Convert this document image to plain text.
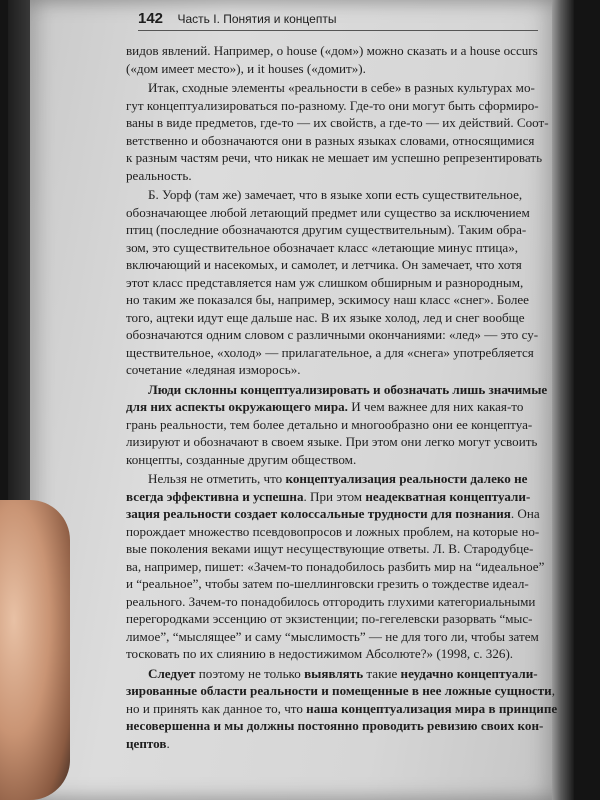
142 Часть I. Понятия и концепты
видов явлений. Например, о house («дом») можно сказать и a house occurs
(«дом имеет место»), и it houses («домит»).
Итак, сходные элементы «реальности в себе» в разных культурах мо-
гут концептуализироваться по-разному. Где-то они могут быть сформиро-
ваны в виде предметов, где-то — их свойств, а где-то — их действий. Соот-
ветственно и обозначаются они в разных языках словами, относящимися
к разным частям речи, что никак не мешает им успешно репрезентировать
реальность.
Б. Уорф (там же) замечает, что в языке хопи есть существительное,
обозначающее любой летающий предмет или существо за исключением
птиц (последние обозначаются другим существительным). Таким обра-
зом, это существительное обозначает класс «летающие минус птица»,
включающий и насекомых, и самолет, и летчика. Он замечает, что хотя
этот класс представляется нам уж слишком обширным и разнородным,
но таким же показался бы, например, эскимосу наш класс «снег». Более
того, ацтеки идут еще дальше нас. В их языке холод, лед и снег вообще
обозначаются одним словом с различными окончаниями: «лед» — это су-
ществительное, «холод» — прилагательное, а для «снега» употребляется
сочетание «ледяная изморось».
Люди склонны концептуализировать и обозначать лишь значимые
для них аспекты окружающего мира. И чем важнее для них какая-то
грань реальности, тем более детально и многообразно они ее концептуа-
лизируют и обозначают в своем языке. При этом они легко могут усвоить
концепты, созданные другим обществом.
Нельзя не отметить, что концептуализация реальности далеко не
всегда эффективна и успешна. При этом неадекватная концептуали-
зация реальности создает колоссальные трудности для познания. Она
порождает множество псевдовопросов и ложных проблем, на которые но-
вые поколения веками ищут несуществующие ответы. Л. В. Стародубце-
ва, например, пишет: «Зачем-то понадобилось разбить мир на “идеальное”
и “реальное”, чтобы затем по-шеллинговски грезить о тождестве идеал-
реального. Зачем-то понадобилось отгородить глухими категориальными
перегородками эссенцию от экзистенции; по-гегелевски разорвать “мыс-
лимое”, “мыслящее” и саму “мыслимость” — не для того ли, чтобы затем
тосковать по их слиянию в недостижимом Абсолюте?» (1998, с. 326).
Следует поэтому не только выявлять такие неудачно концептуали-
зированные области реальности и помещенные в нее ложные сущности,
но и принять как данное то, что наша концептуализация мира в принципе
несовершенна и мы должны постоянно проводить ревизию своих кон-
цептов.
